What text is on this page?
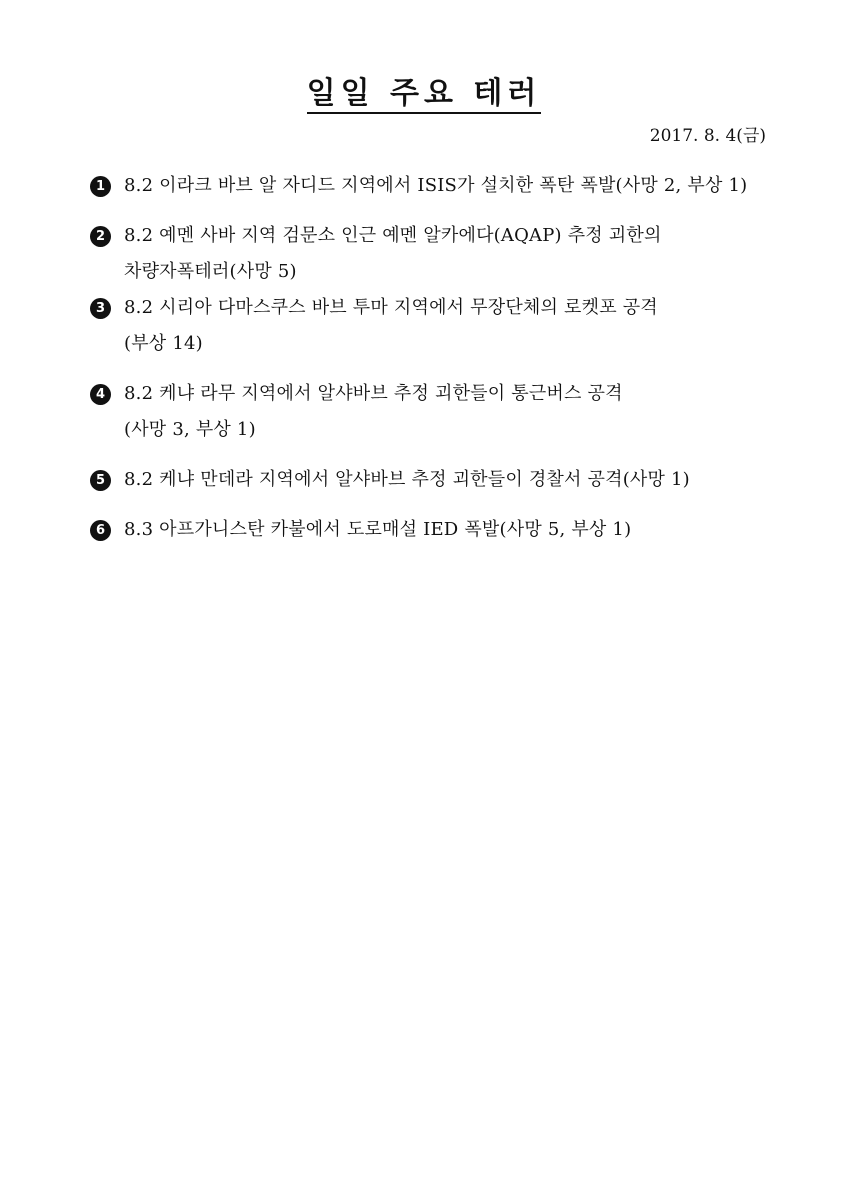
일일 주요 테러
2017. 8. 4(금)
1	8.2 이라크 바브 알 자디드 지역에서 ISIS가 설치한 폭탄 폭발(사망 2, 부상 1)
2	8.2 예멘 사바 지역 검문소 인근 예멘 알카에다(AQAP) 추정 괴한의
차량자폭테러(사망 5)
3	8.2 시리아 다마스쿠스 바브 투마 지역에서 무장단체의 로켓포 공격
(부상 14)
4	8.2 케냐 라무 지역에서 알샤바브 추정 괴한들이 통근버스 공격
(사망 3, 부상 1)
5	8.2 케냐 만데라 지역에서 알샤바브 추정 괴한들이 경찰서 공격(사망 1)
6	8.3 아프가니스탄 카불에서 도로매설 IED 폭발(사망 5, 부상 1)
